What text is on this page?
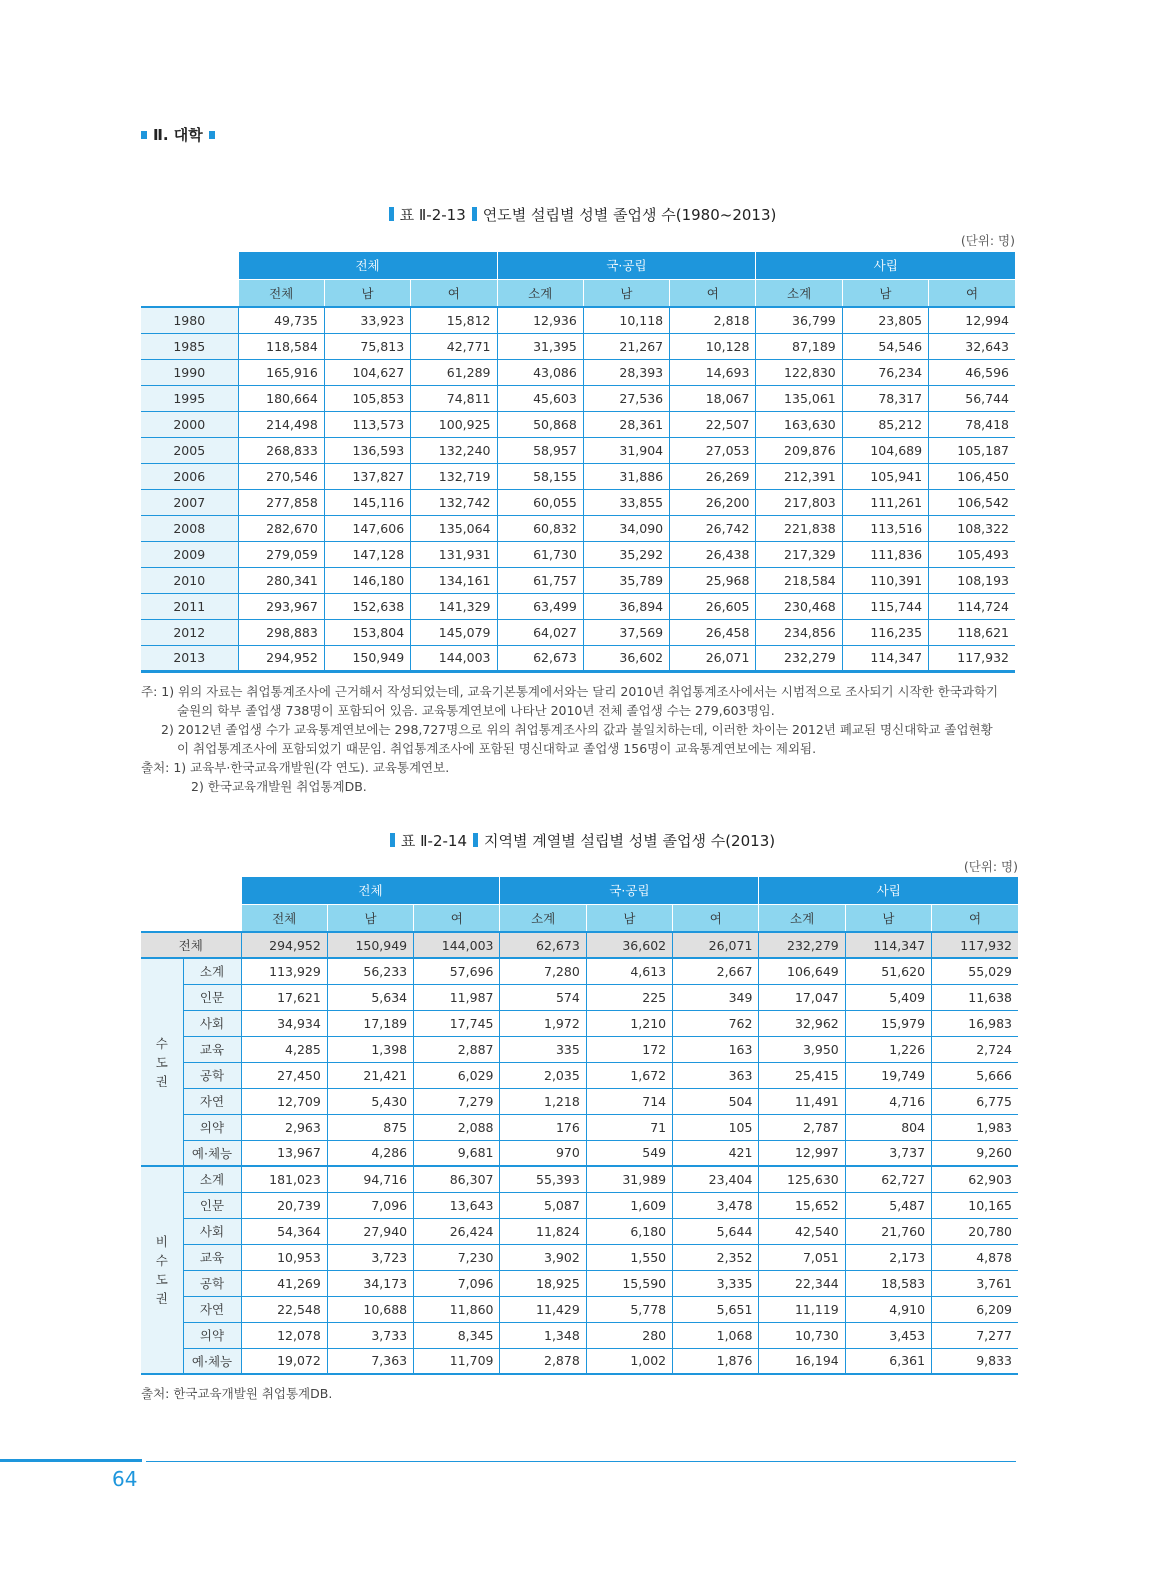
Ⅱ. 대학
표 Ⅱ-2-13 연도별 설립별 성별 졸업생 수(1980~2013)
(단위: 명)
	전체			국·공립			사립		
	전체	남	여	소계	남	여	소계	남	여
1980	49,735	33,923	15,812	12,936	10,118	2,818	36,799	23,805	12,994
1985	118,584	75,813	42,771	31,395	21,267	10,128	87,189	54,546	32,643
1990	165,916	104,627	61,289	43,086	28,393	14,693	122,830	76,234	46,596
1995	180,664	105,853	74,811	45,603	27,536	18,067	135,061	78,317	56,744
2000	214,498	113,573	100,925	50,868	28,361	22,507	163,630	85,212	78,418
2005	268,833	136,593	132,240	58,957	31,904	27,053	209,876	104,689	105,187
2006	270,546	137,827	132,719	58,155	31,886	26,269	212,391	105,941	106,450
2007	277,858	145,116	132,742	60,055	33,855	26,200	217,803	111,261	106,542
2008	282,670	147,606	135,064	60,832	34,090	26,742	221,838	113,516	108,322
2009	279,059	147,128	131,931	61,730	35,292	26,438	217,329	111,836	105,493
2010	280,341	146,180	134,161	61,757	35,789	25,968	218,584	110,391	108,193
2011	293,967	152,638	141,329	63,499	36,894	26,605	230,468	115,744	114,724
2012	298,883	153,804	145,079	64,027	37,569	26,458	234,856	116,235	118,621
2013	294,952	150,949	144,003	62,673	36,602	26,071	232,279	114,347	117,932
주: 1) 위의 자료는 취업통계조사에 근거해서 작성되었는데, 교육기본통계에서와는 달리 2010년 취업통계조사에서는 시범적으로 조사되기 시작한 한국과학기
술원의 학부 졸업생 738명이 포함되어 있음. 교육통계연보에 나타난 2010년 전체 졸업생 수는 279,603명임.
2) 2012년 졸업생 수가 교육통계연보에는 298,727명으로 위의 취업통계조사의 값과 불일치하는데, 이러한 차이는 2012년 폐교된 명신대학교 졸업현황
이 취업통계조사에 포함되었기 때문임. 취업통계조사에 포함된 명신대학교 졸업생 156명이 교육통계연보에는 제외됨.
출처: 1) 교육부·한국교육개발원(각 연도). 교육통계연보.
2) 한국교육개발원 취업통계DB.
표 Ⅱ-2-14 지역별 계열별 설립별 성별 졸업생 수(2013)
(단위: 명)
		전체			국·공립			사립		
		전체	남	여	소계	남	여	소계	남	여
전체		294,952	150,949	144,003	62,673	36,602	26,071	232,279	114,347	117,932
수
도
권	소계	113,929	56,233	57,696	7,280	4,613	2,667	106,649	51,620	55,029
	인문	17,621	5,634	11,987	574	225	349	17,047	5,409	11,638
	사회	34,934	17,189	17,745	1,972	1,210	762	32,962	15,979	16,983
	교육	4,285	1,398	2,887	335	172	163	3,950	1,226	2,724
	공학	27,450	21,421	6,029	2,035	1,672	363	25,415	19,749	5,666
	자연	12,709	5,430	7,279	1,218	714	504	11,491	4,716	6,775
	의약	2,963	875	2,088	176	71	105	2,787	804	1,983
	예·체능	13,967	4,286	9,681	970	549	421	12,997	3,737	9,260
비
수
도
권	소계	181,023	94,716	86,307	55,393	31,989	23,404	125,630	62,727	62,903
	인문	20,739	7,096	13,643	5,087	1,609	3,478	15,652	5,487	10,165
	사회	54,364	27,940	26,424	11,824	6,180	5,644	42,540	21,760	20,780
	교육	10,953	3,723	7,230	3,902	1,550	2,352	7,051	2,173	4,878
	공학	41,269	34,173	7,096	18,925	15,590	3,335	22,344	18,583	3,761
	자연	22,548	10,688	11,860	11,429	5,778	5,651	11,119	4,910	6,209
	의약	12,078	3,733	8,345	1,348	280	1,068	10,730	3,453	7,277
	예·체능	19,072	7,363	11,709	2,878	1,002	1,876	16,194	6,361	9,833
출처: 한국교육개발원 취업통계DB.
64
